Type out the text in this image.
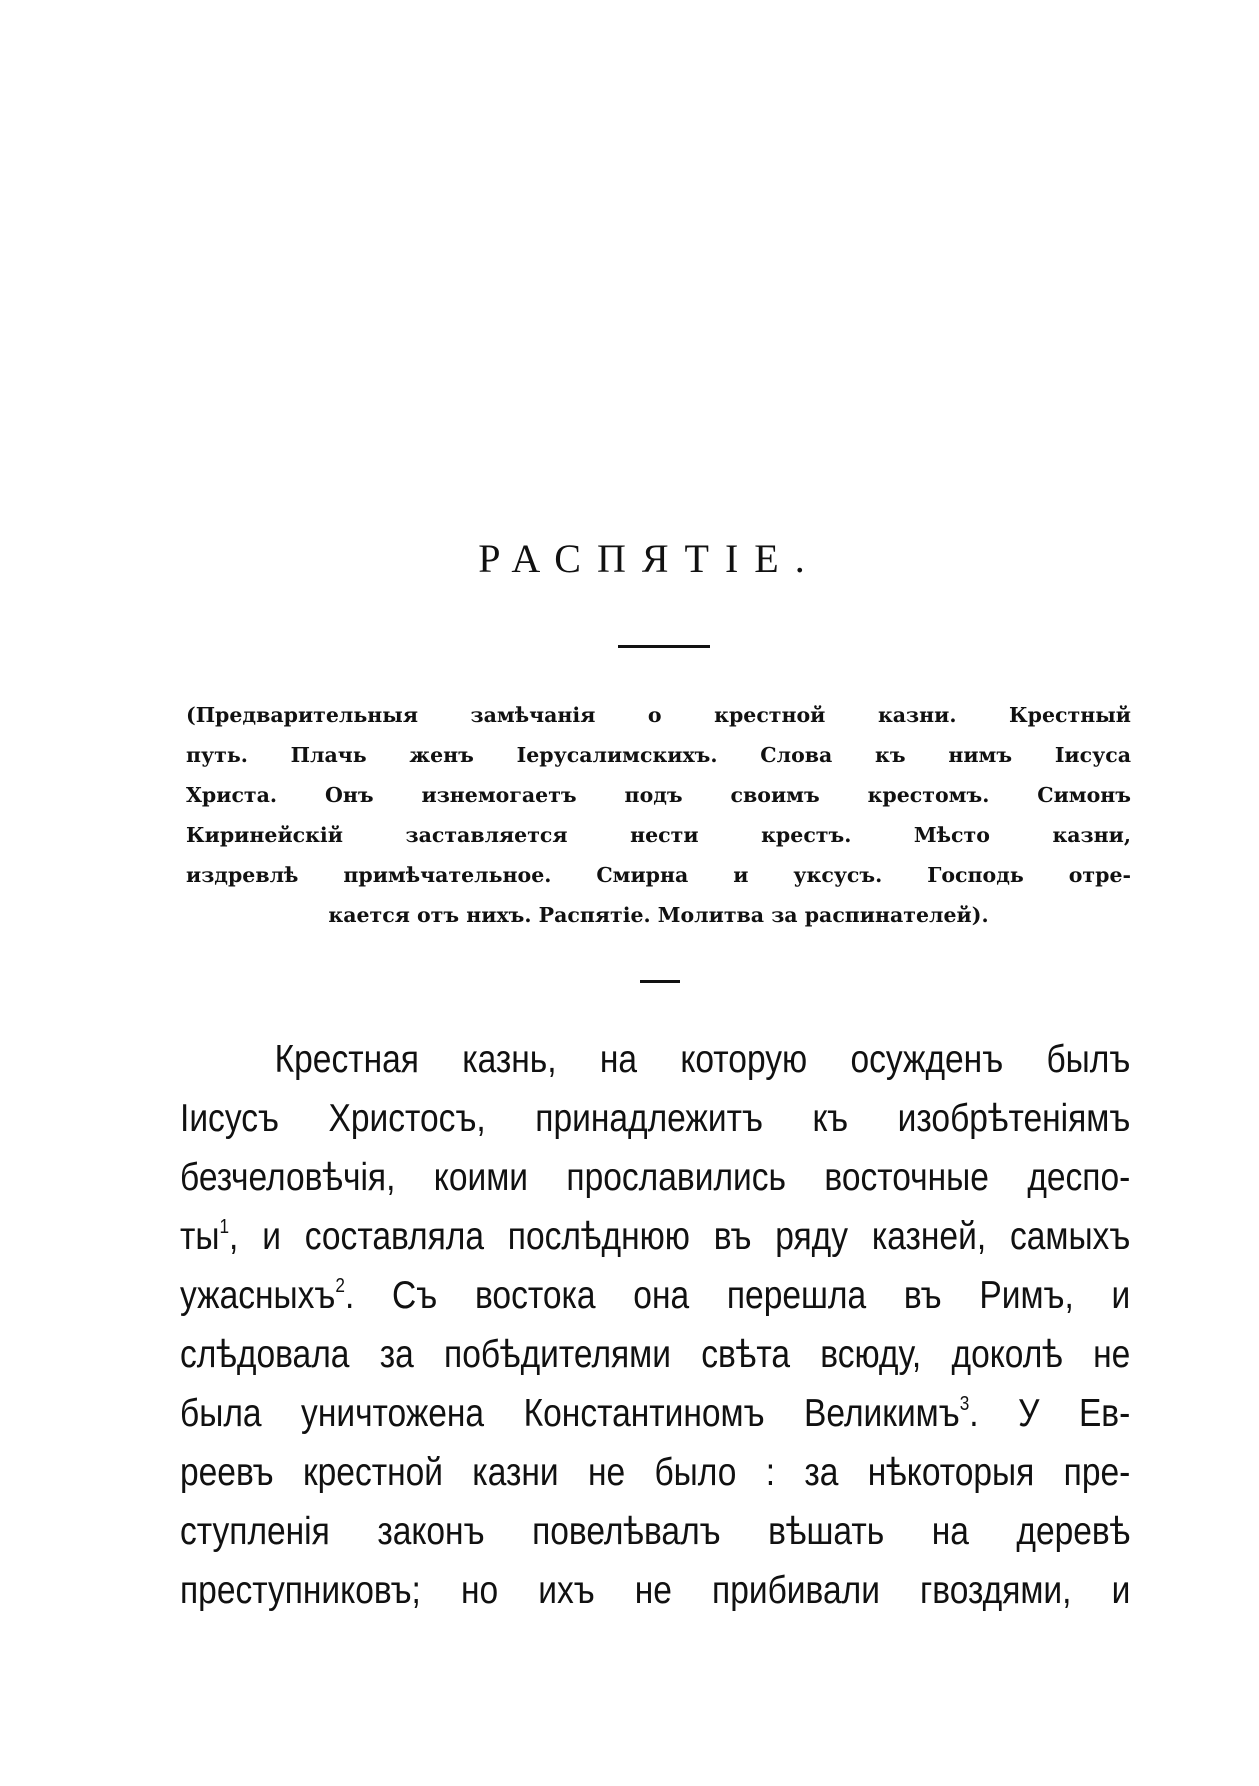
РАСПЯТІЕ.
(Предварительныя замѣчанія о крестной казни. Крестный
путь. Плачь женъ Іерусалимскихъ. Слова къ нимъ Іисуса
Христа. Онъ изнемогаетъ подъ своимъ крестомъ. Симонъ
Киринейскій заставляется нести крестъ. Мѣсто казни,
издревлѣ примѣчательное. Смирна и уксусъ. Господь отре-
кается отъ нихъ. Распятіе. Молитва за распинателей).
Крестная казнь, на которую осужденъ былъ
Іисусъ Христосъ, принадлежитъ къ изобрѣтеніямъ
безчеловѣчія, коими прославились восточные деспо-
$ты^1$, и составляла послѣднюю въ ряду казней, самыхъ
ужасныхъ$^2$. Съ востока она перешла въ Римъ, и
слѣдовала за побѣдителями свѣта всюду, доколѣ не
была уничтожена Константиномъ Великимъ$^3$. У Ев-
реевъ крестной казни не было : за нѣкоторыя пре-
ступленія законъ повелѣвалъ вѣшать на деревѣ
преступниковъ; но ихъ не прибивали гвоздями, и
